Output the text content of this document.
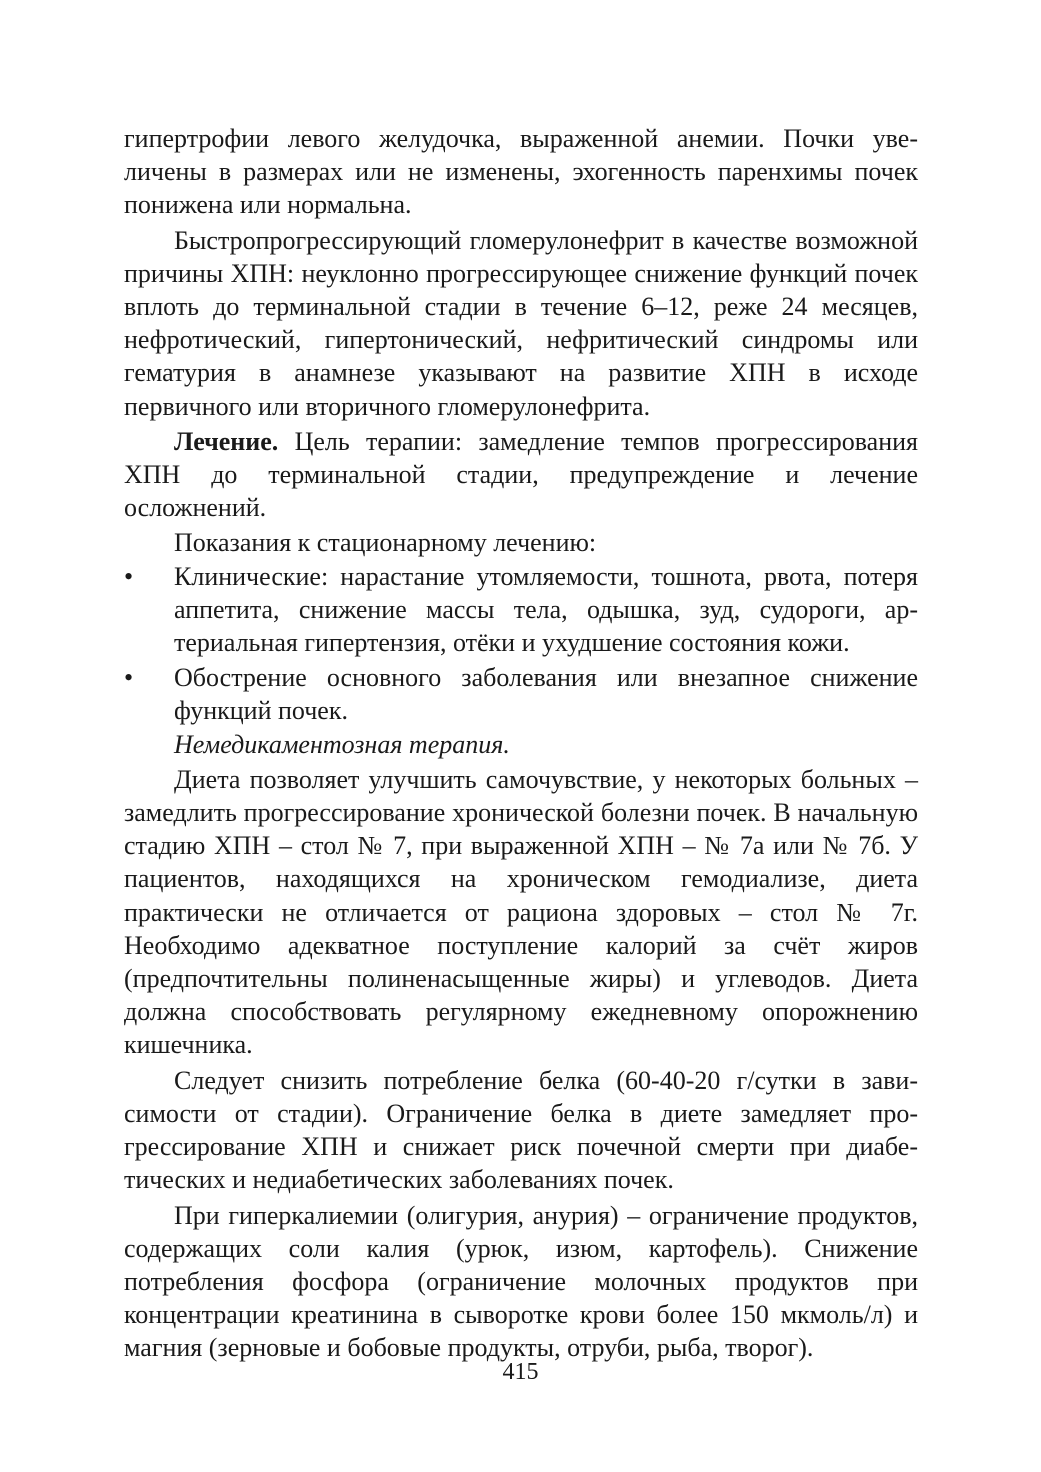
гипертрофии левого желудочка, выраженной анемии. Почки увеличены в размерах или не изменены, эхогенность паренхимы почек понижена или нормальна.

Быстропрогрессирующий гломерулонефрит в качестве возможной причины ХПН: неуклонно прогрессирующее снижение функций почек вплоть до терминальной стадии в течение 6–12, реже 24 месяцев, нефротический, гипертонический, нефритический синдромы или гематурия в анамнезе указывают на развитие ХПН в исходе первичного или вторичного гломерулонефрита.

Лечение. Цель терапии: замедление темпов прогрессирования ХПН до терминальной стадии, предупреждение и лечение осложнений.

Показания к стационарному лечению:

• Клинические: нарастание утомляемости, тошнота, рвота, потеря аппетита, снижение массы тела, одышка, зуд, судороги, артериальная гипертензия, отёки и ухудшение состояния кожи.
• Обострение основного заболевания или внезапное снижение функций почек.

Немедикаментозная терапия.

Диета позволяет улучшить самочувствие, у некоторых больных – замедлить прогрессирование хронической болезни почек. В начальную стадию ХПН – стол № 7, при выраженной ХПН – № 7а или № 7б. У пациентов, находящихся на хроническом гемодиализе, диета практически не отличается от рациона здоровых – стол № 7г. Необходимо адекватное поступление калорий за счёт жиров (предпочтительны полиненасыщенные жиры) и углеводов. Диета должна способствовать регулярному ежедневному опорожнению кишечника.

Следует снизить потребление белка (60-40-20 г/сутки в зависимости от стадии). Ограничение белка в диете замедляет прогрессирование ХПН и снижает риск почечной смерти при диабетических и недиабетических заболеваниях почек.

При гиперкалиемии (олигурия, анурия) – ограничение продуктов, содержащих соли калия (урюк, изюм, картофель). Снижение потребления фосфора (ограничение молочных продуктов при концентрации креатинина в сыворотке крови более 150 мкмоль/л) и магния (зерновые и бобовые продукты, отруби, рыба, творог).

415
